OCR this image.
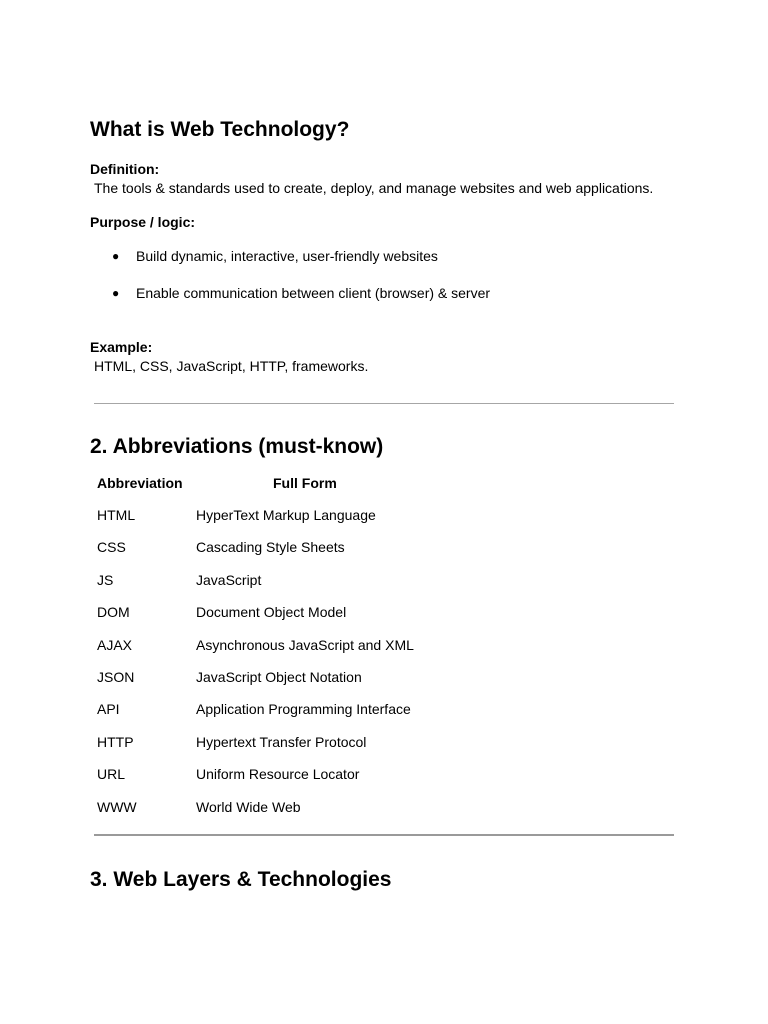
What is Web Technology?
Definition:
The tools & standards used to create, deploy, and manage websites and web applications.
Purpose / logic:
●	Build dynamic, interactive, user-friendly websites
●	Enable communication between client (browser) & server
Example:
HTML, CSS, JavaScript, HTTP, frameworks.
2. Abbreviations (must-know)
Abbreviation	Full Form
HTML	HyperText Markup Language
CSS	Cascading Style Sheets
JS	JavaScript
DOM	Document Object Model
AJAX	Asynchronous JavaScript and XML
JSON	JavaScript Object Notation
API	Application Programming Interface
HTTP	Hypertext Transfer Protocol
URL	Uniform Resource Locator
WWW	World Wide Web
3. Web Layers & Technologies
